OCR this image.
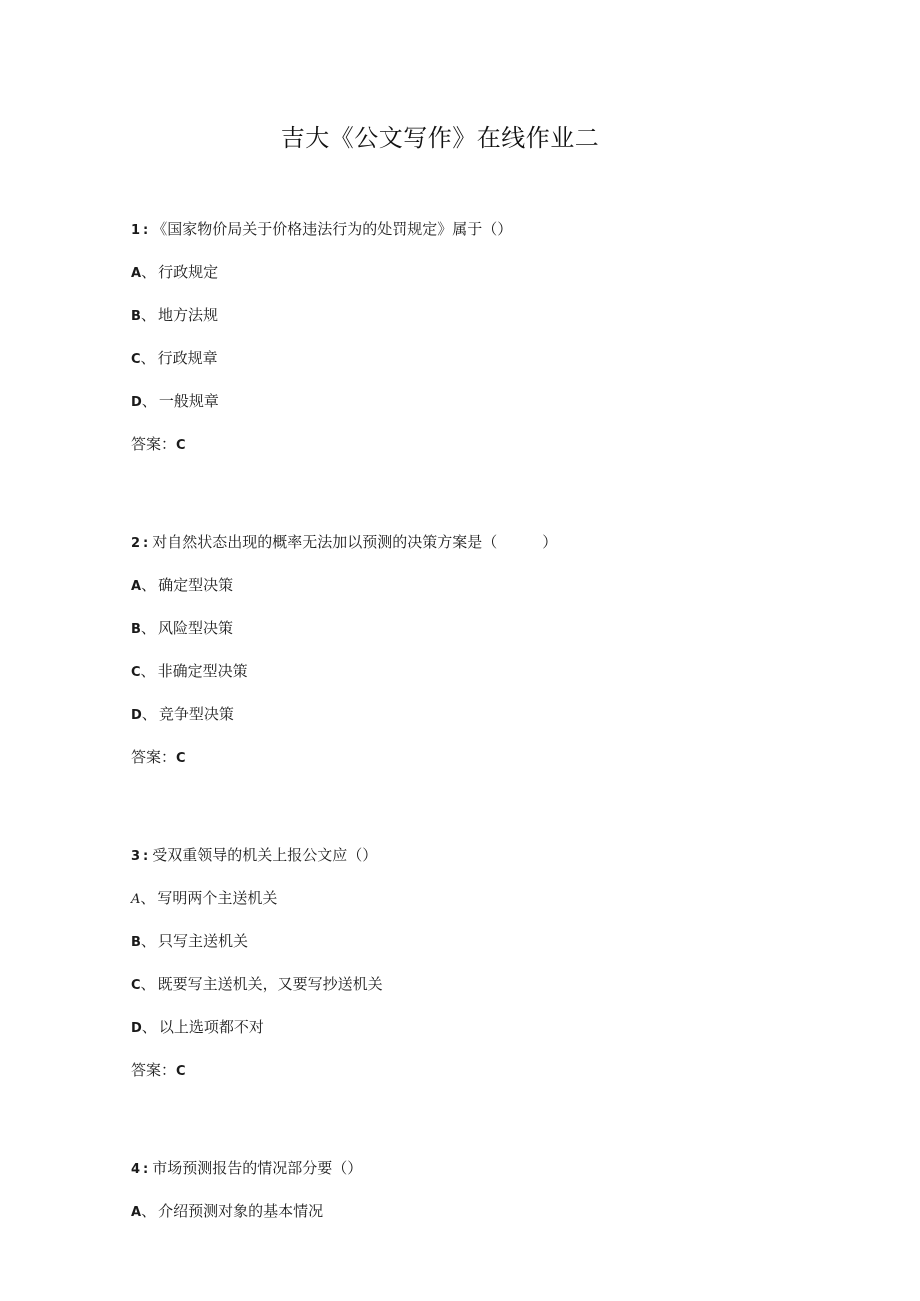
吉大《公文写作》在线作业二
1 : 《国家物价局关于价格违法行为的处罚规定》属于（）
A、 行政规定
B、 地方法规
C、 行政规章
D、 一般规章
答案：C
2 : 对自然状态出现的概率无法加以预测的决策方案是（　　　）
A、 确定型决策
B、 风险型决策
C、 非确定型决策
D、 竞争型决策
答案：C
3 : 受双重领导的机关上报公文应（）
A、 写明两个主送机关
B、 只写主送机关
C、 既要写主送机关，又要写抄送机关
D、 以上选项都不对
答案：C
4 : 市场预测报告的情况部分要（）
A、 介绍预测对象的基本情况
